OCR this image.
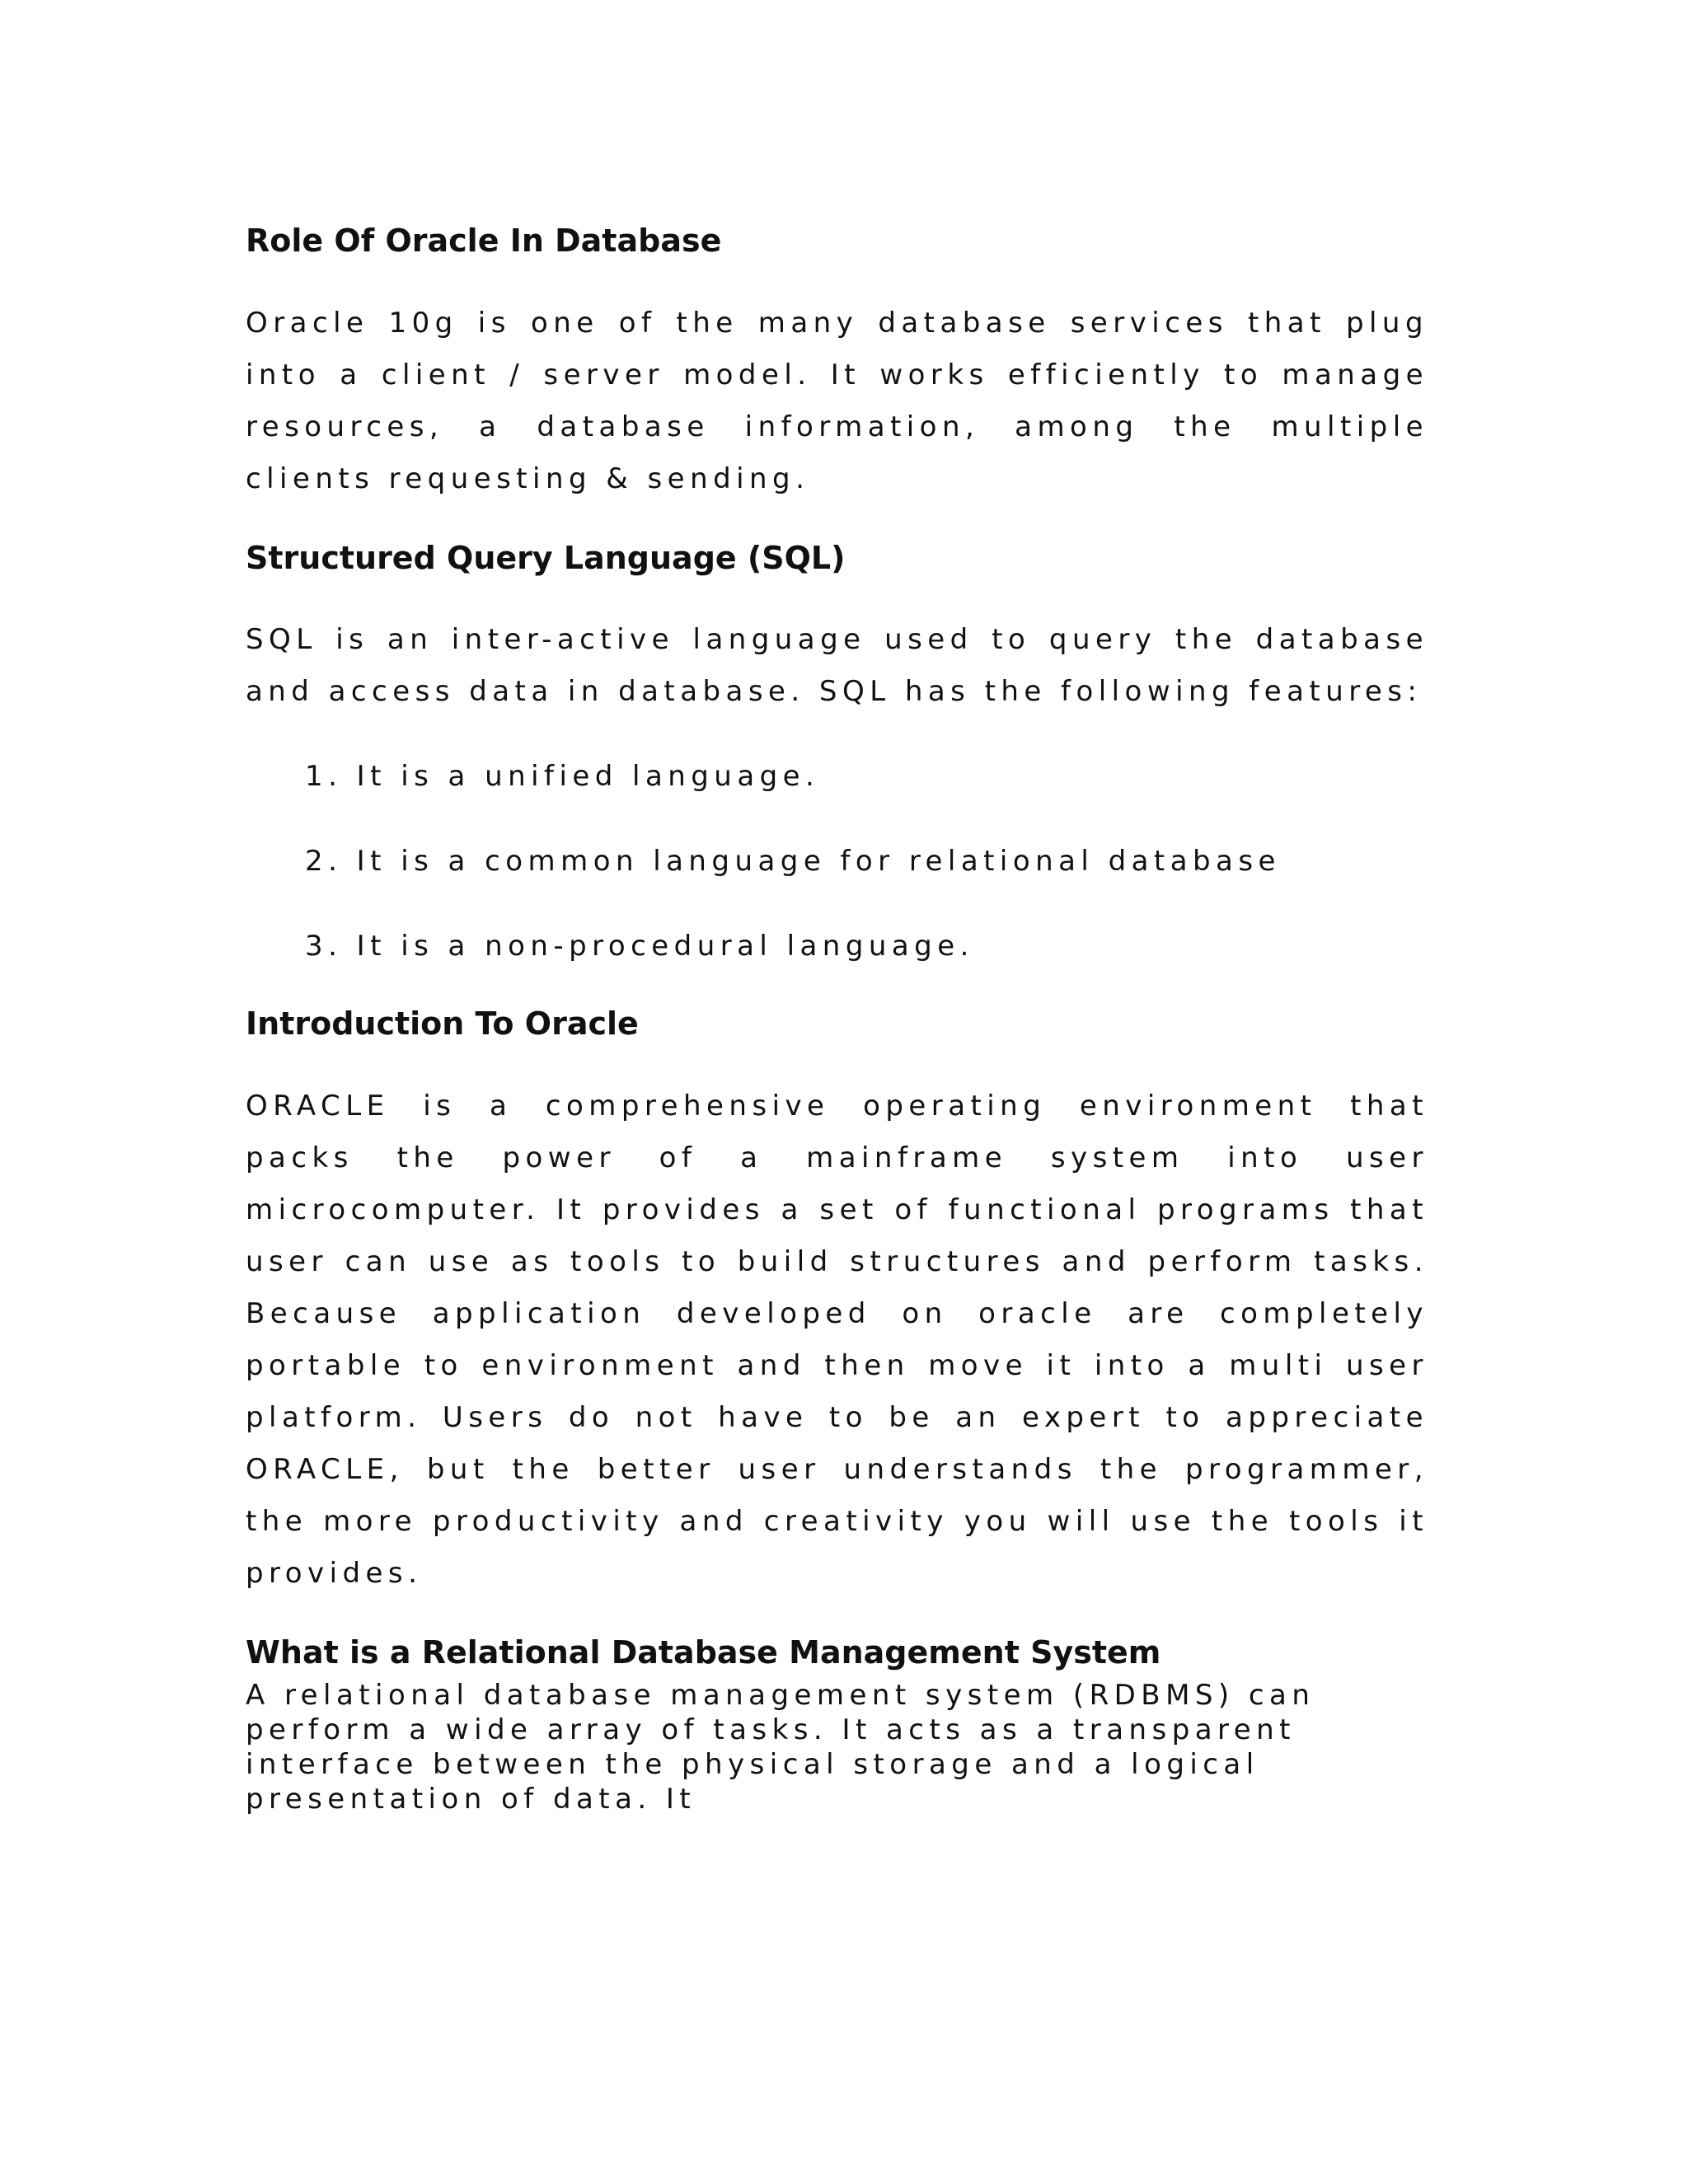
Role Of Oracle In Database

Oracle 10g is one of the many database services that plug into a client / server model. It works efficiently to manage resources, a database information, among the multiple clients requesting & sending.

Structured Query Language (SQL)

SQL is an inter-active language used to query the database and access data in database. SQL has the following features:

1. It is a unified language.
2. It is a common language for relational database
3. It is a non-procedural language.
Introduction To Oracle

ORACLE is a comprehensive operating environment that packs the power of a mainframe system into user microcomputer. It provides a set of functional programs that user can use as tools to build structures and perform tasks. Because application developed on oracle are completely portable to environment and then move it into a multi user platform. Users do not have to be an expert to appreciate ORACLE, but the better user understands the programmer, the more productivity and creativity you will use the tools it provides.

What is a Relational Database Management System

A relational database management system (RDBMS) can perform a wide array of tasks. It acts as a transparent interface between the physical storage and a logical presentation of data. It
